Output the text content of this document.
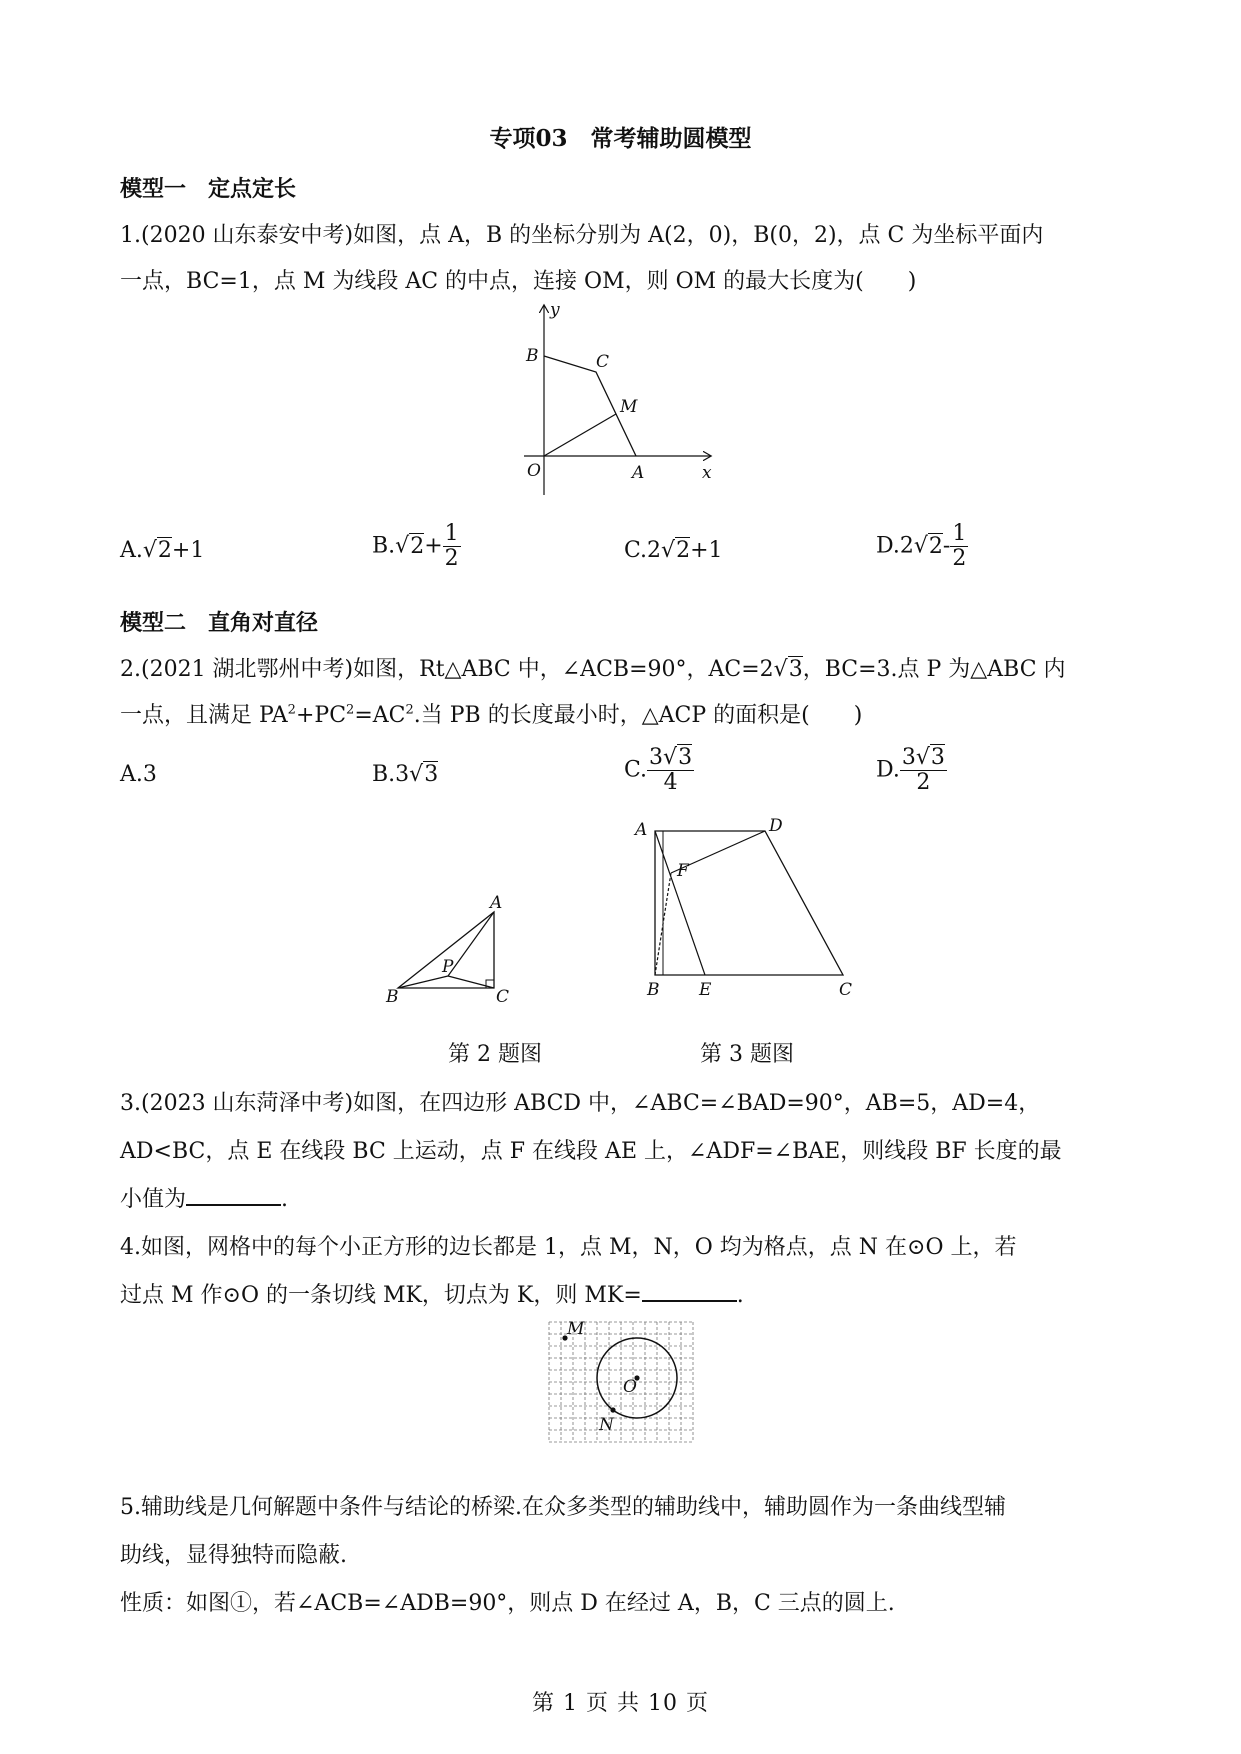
专项03　常考辅助圆模型
模型一　定点定长
1.(2020 山东泰安中考)如图，点 A，B 的坐标分别为 A(2，0)，B(0，2)，点 C 为坐标平面内
一点，BC=1，点 M 为线段 AC 的中点，连接 OM，则 OM 的最大长度为(　　)
y
x
B	C
M
O	A
A.√2+1	$B.√2+ \frac{1}{2}$	C.2√2+1	$D.2√2- \frac{1}{2}$
模型二　直角对直径
2.(2021 湖北鄂州中考)如图，Rt△ABC 中，∠ACB=90°，AC=2√3，BC=3.点 P 为△ABC 内
一点，且满足 $PA^2+PC^2=AC^2$.当 PB 的长度最小时，△ACP 的面积是(　　)
A.3	B.3√3	C. $\frac{3√3}{4}$	D. $\frac{3√3}{2}$
A
B	C
P
A	D
F
B E	C
第 2 题图	第 3 题图
3.(2023 山东菏泽中考)如图，在四边形 ABCD 中，∠ABC=∠BAD=90°，AB=5，AD=4，
AD<BC，点 E 在线段 BC 上运动，点 F 在线段 AE 上，∠ADF=∠BAE，则线段 BF 长度的最
小值为	.
4.如图，网格中的每个小正方形的边长都是 1，点 M，N，O 均为格点，点 N 在⊙O 上，若
过点 M 作⊙O 的一条切线 MK，切点为 K，则 MK=	.
M
O
N
5.辅助线是几何解题中条件与结论的桥梁.在众多类型的辅助线中，辅助圆作为一条曲线型辅
助线，显得独特而隐蔽.
性质：如图①，若∠ACB=∠ADB=90°，则点 D 在经过 A，B，C 三点的圆上.
第 1 页 共 10 页
